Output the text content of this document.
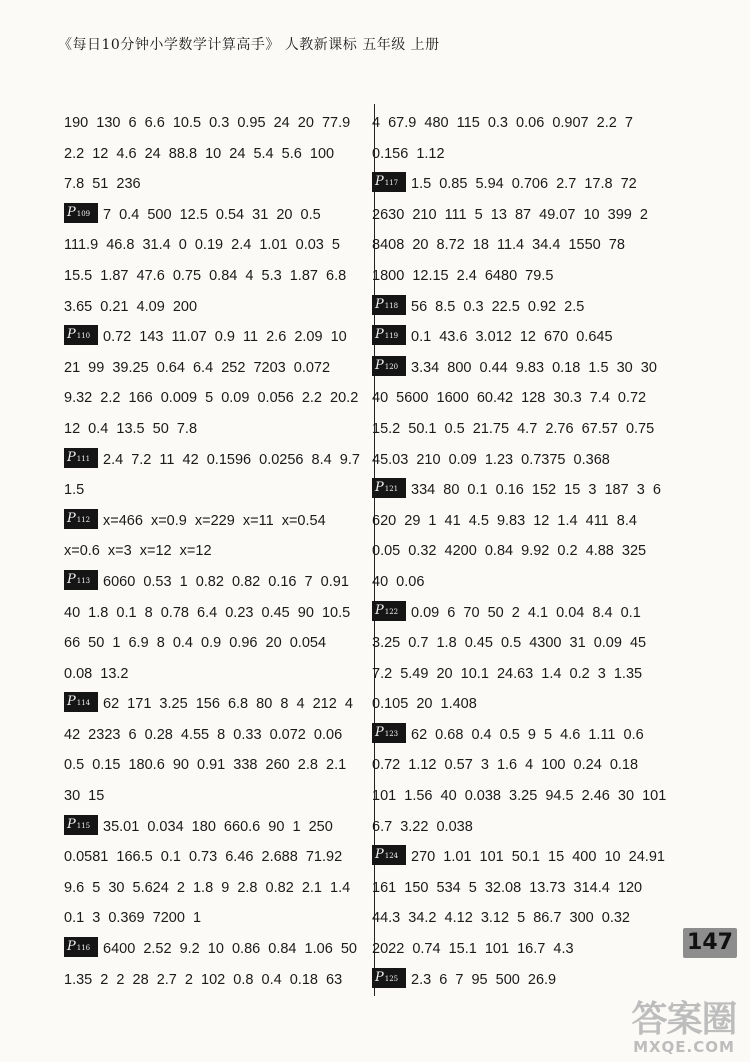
《每日10分钟小学数学计算高手》 人教新课标 五年级 上册
190  130  6  6.6  10.5  0.3  0.95  24  20  77.9
2.2  12  4.6  24  88.8  10  24  5.4  5.6  100
7.8  51  236
P109 7  0.4  500  12.5  0.54  31  20  0.5
111.9  46.8  31.4  0  0.19  2.4  1.01  0.03  5
15.5  1.87  47.6  0.75  0.84  4  5.3  1.87  6.8
3.65  0.21  4.09  200
P110 0.72  143  11.07  0.9  11  2.6  2.09  10
21  99  39.25  0.64  6.4  252  7203  0.072
9.32  2.2  166  0.009  5  0.09  0.056  2.2  20.2
12  0.4  13.5  50  7.8
P111 2.4  7.2  11  42  0.1596  0.0256  8.4  9.7
1.5
P112 x=466  x=0.9  x=229  x=11  x=0.54
x=0.6  x=3  x=12  x=12
P113 6060  0.53  1  0.82  0.82  0.16  7  0.91
40  1.8  0.1  8  0.78  6.4  0.23  0.45  90  10.5
66  50  1  6.9  8  0.4  0.9  0.96  20  0.054
0.08  13.2
P114 62  171  3.25  156  6.8  80  8  4  212  4
42  2323  6  0.28  4.55  8  0.33  0.072  0.06
0.5  0.15  180.6  90  0.91  338  260  2.8  2.1
30  15
P115 35.01  0.034  180  660.6  90  1  250
0.0581  166.5  0.1  0.73  6.46  2.688  71.92
9.6  5  30  5.624  2  1.8  9  2.8  0.82  2.1  1.4
0.1  3  0.369  7200  1
P116 6400  2.52  9.2  10  0.86  0.84  1.06  50
1.35  2  2  28  2.7  2  102  0.8  0.4  0.18  63
4  67.9  480  115  0.3  0.06  0.907  2.2  7
0.156  1.12
P117 1.5  0.85  5.94  0.706  2.7  17.8  72
2630  210  111  5  13  87  49.07  10  399  2
8408  20  8.72  18  11.4  34.4  1550  78
1800  12.15  2.4  6480  79.5
P118 56  8.5  0.3  22.5  0.92  2.5
P119 0.1  43.6  3.012  12  670  0.645
P120 3.34  800  0.44  9.83  0.18  1.5  30  30
40  5600  1600  60.42  128  30.3  7.4  0.72
15.2  50.1  0.5  21.75  4.7  2.76  67.57  0.75
45.03  210  0.09  1.23  0.7375  0.368
P121 334  80  0.1  0.16  152  15  3  187  3  6
620  29  1  41  4.5  9.83  12  1.4  411  8.4
0.05  0.32  4200  0.84  9.92  0.2  4.88  325
40  0.06
P122 0.09  6  70  50  2  4.1  0.04  8.4  0.1
3.25  0.7  1.8  0.45  0.5  4300  31  0.09  45
7.2  5.49  20  10.1  24.63  1.4  0.2  3  1.35
0.105  20  1.408
P123 62  0.68  0.4  0.5  9  5  4.6  1.11  0.6
0.72  1.12  0.57  3  1.6  4  100  0.24  0.18
101  1.56  40  0.038  3.25  94.5  2.46  30  101
6.7  3.22  0.038
P124 270  1.01  101  50.1  15  400  10  24.91
161  150  534  5  32.08  13.73  314.4  120
44.3  34.2  4.12  3.12  5  86.7  300  0.32
2022  0.74  15.1  101  16.7  4.3
P125 2.3  6  7  95  500  26.9
147
答案圈
MXQE.COM
